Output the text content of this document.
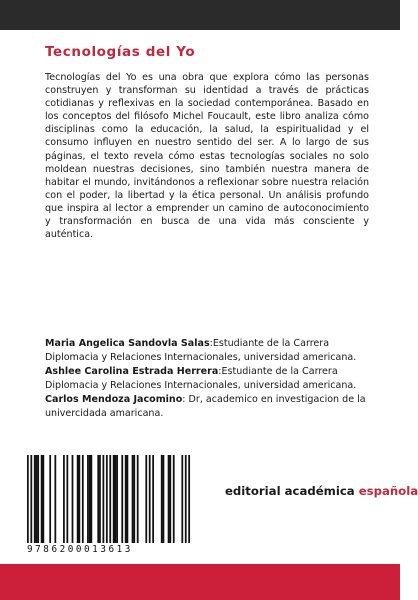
Tecnologías del Yo

Tecnologías del Yo es una obra que explora cómo las personas construyen y transforman su identidad a través de prácticas cotidianas y reflexivas en la sociedad contemporánea. Basado en los conceptos del filósofo Michel Foucault, este libro analiza cómo disciplinas como la educación, la salud, la espiritualidad y el consumo influyen en nuestro sentido del ser. A lo largo de sus páginas, el texto revela cómo estas tecnologías sociales no solo moldean nuestras decisiones, sino también nuestra manera de habitar el mundo, invitándonos a reflexionar sobre nuestra relación con el poder, la libertad y la ética personal. Un análisis profundo que inspira al lector a emprender un camino de autoconocimiento y transformación en busca de una vida más consciente y auténtica.

Maria Angelica Sandovla Salas:Estudiante de la Carrera Diplomacia y Relaciones Internacionales, universidad americana. Ashlee Carolina Estrada Herrera:Estudiante de la Carrera Diplomacia y Relaciones Internacionales, universidad americana. Carlos Mendoza Jacomino: Dr, academico en investigacion de la univercidada amaricana.

9786200013613
editorial académica española
